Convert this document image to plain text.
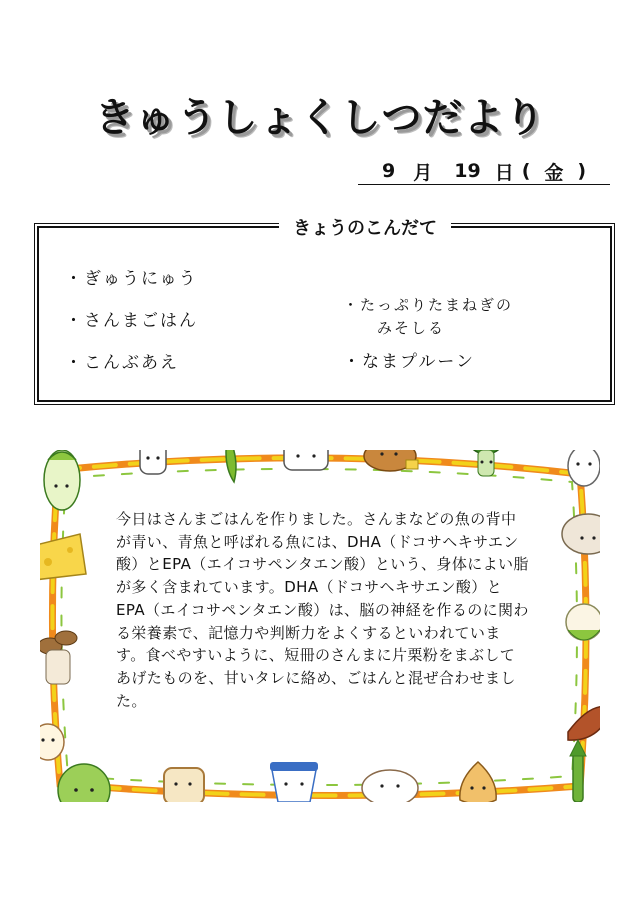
きゅうしょくしつだより
9 月 19 日 ( 金 )
きょうのこんだて
・ぎゅうにゅう
・さんまごはん
・こんぶあえ
・たっぷりたまねぎの
みそしる
・なまプルーン
今日はさんまごはんを作りました。さんまなどの魚の背中が青い、青魚と呼ばれる魚には、DHA（ドコサヘキサエン酸）とEPA（エイコサペンタエン酸）という、身体によい脂が多く含まれています。DHA（ドコサヘキサエン酸）とEPA（エイコサペンタエン酸）は、脳の神経を作るのに関わる栄養素で、記憶力や判断力をよくするといわれています。食べやすいように、短冊のさんまに片栗粉をまぶしてあげたものを、甘いタレに絡め、ごはんと混ぜ合わせました。
